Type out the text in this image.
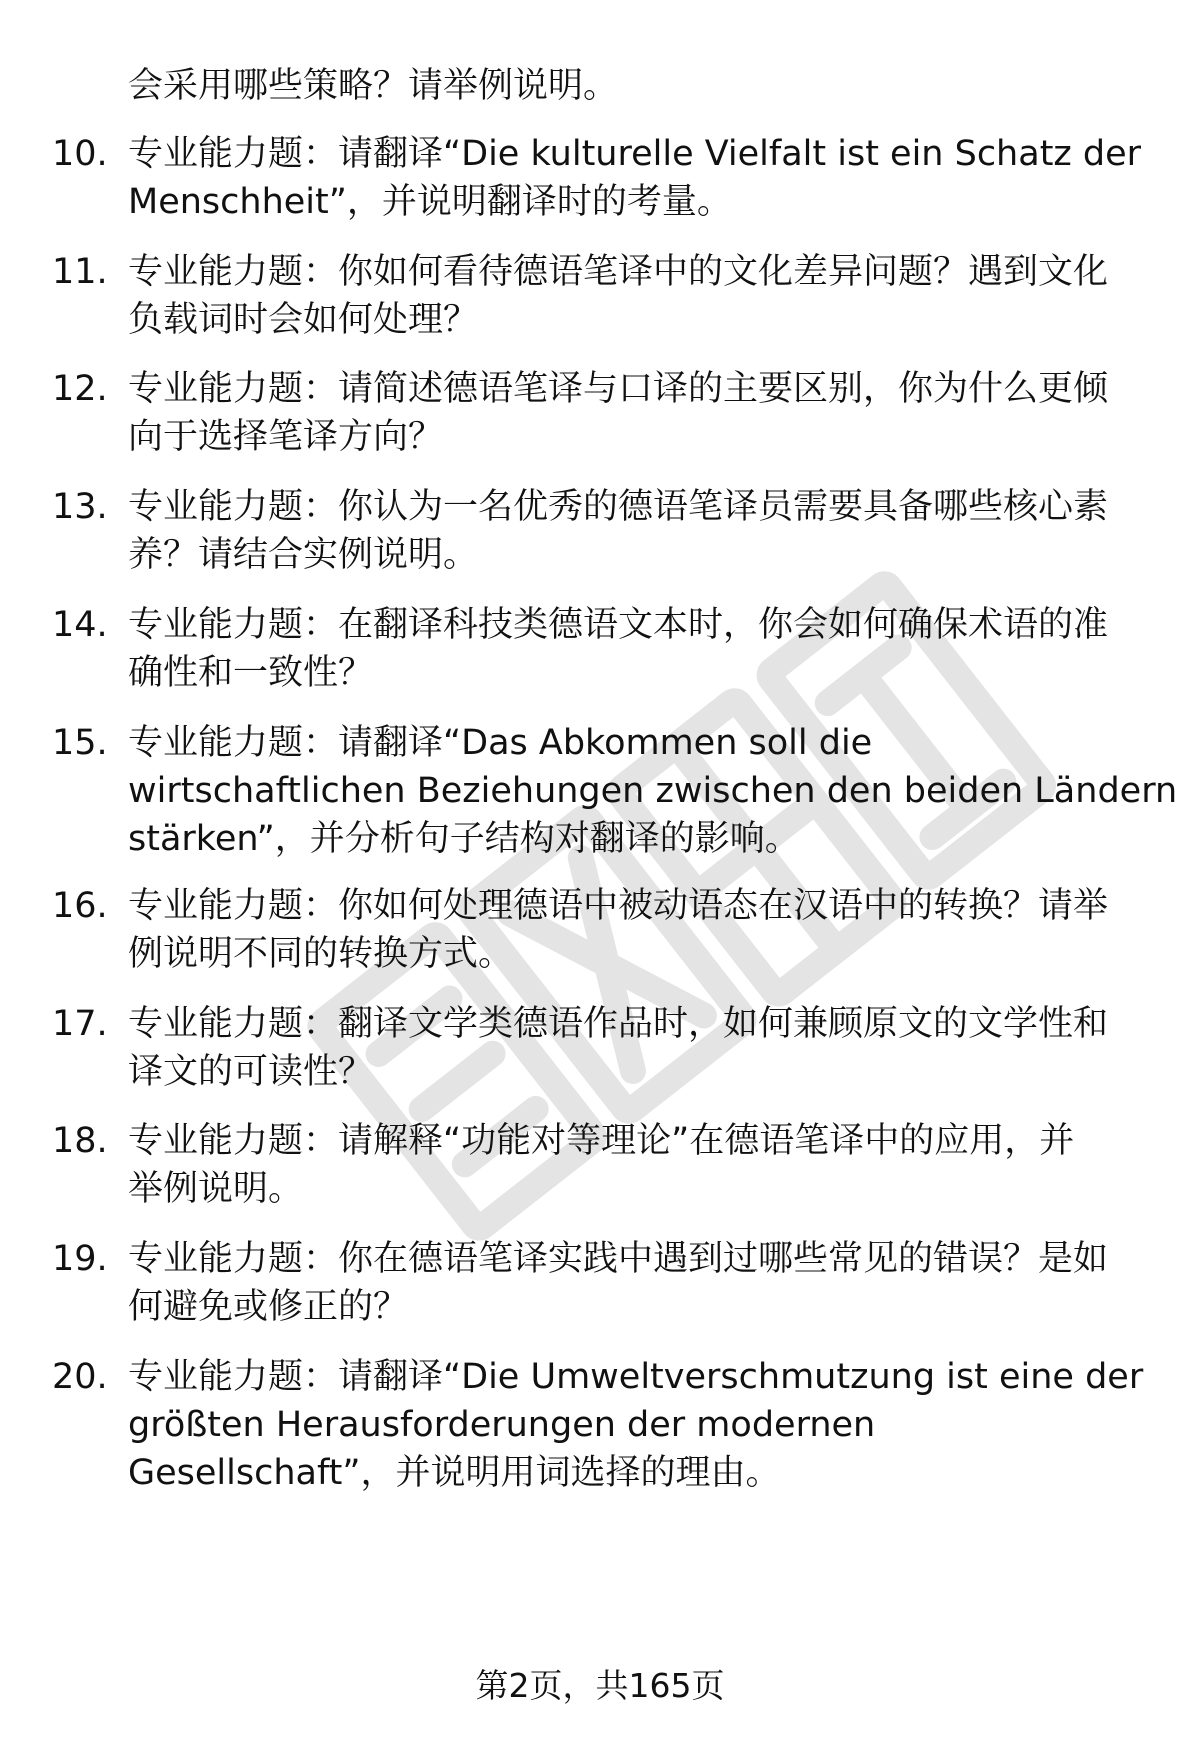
会采用哪些策略？请举例说明。
10. 专业能力题：请翻译“Die kulturelle Vielfalt ist ein Schatz der
Menschheit”，并说明翻译时的考量。
11. 专业能力题：你如何看待德语笔译中的文化差异问题？遇到文化
负载词时会如何处理？
12. 专业能力题：请简述德语笔译与口译的主要区别，你为什么更倾
向于选择笔译方向？
13. 专业能力题：你认为一名优秀的德语笔译员需要具备哪些核心素
养？请结合实例说明。
14. 专业能力题：在翻译科技类德语文本时，你会如何确保术语的准
确性和一致性？
15. 专业能力题：请翻译“Das Abkommen soll die
wirtschaftlichen Beziehungen zwischen den beiden Ländern
stärken”，并分析句子结构对翻译的影响。
16. 专业能力题：你如何处理德语中被动语态在汉语中的转换？请举
例说明不同的转换方式。
17. 专业能力题：翻译文学类德语作品时，如何兼顾原文的文学性和
译文的可读性？
18. 专业能力题：请解释“功能对等理论”在德语笔译中的应用，并
举例说明。
19. 专业能力题：你在德语笔译实践中遇到过哪些常见的错误？是如
何避免或修正的？
20. 专业能力题：请翻译“Die Umweltverschmutzung ist eine der
größten Herausforderungen der modernen
Gesellschaft”，并说明用词选择的理由。
第2页，共165页
